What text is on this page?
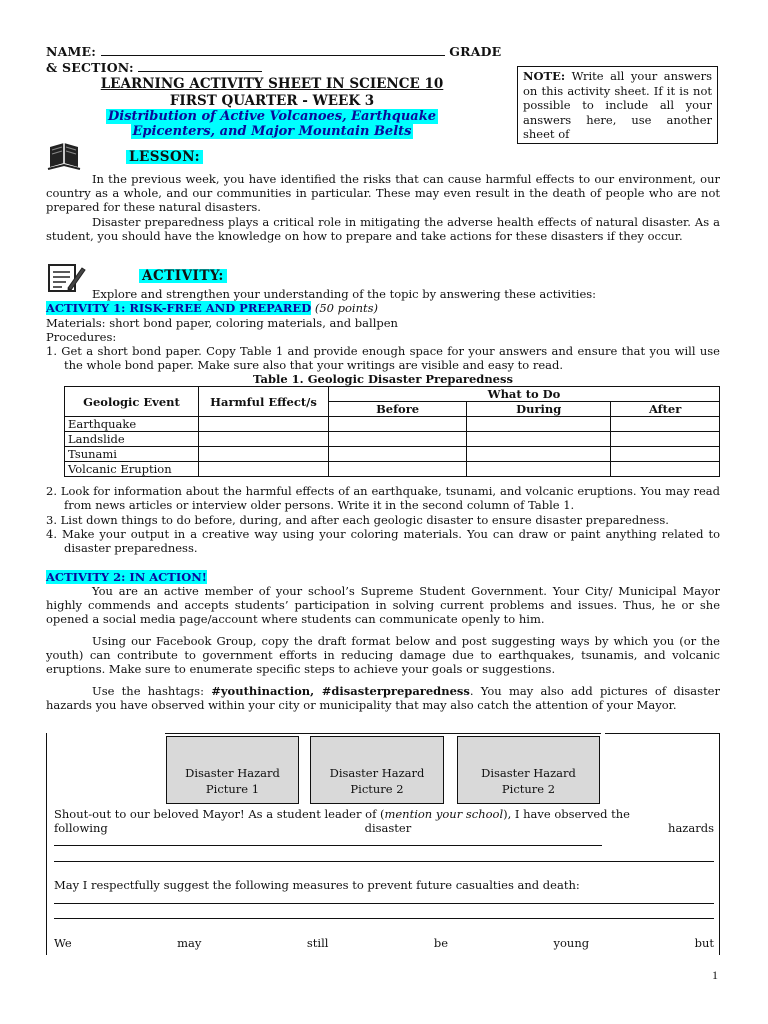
NAME:	GRADE
& SECTION:
LEARNING ACTIVITY SHEET IN SCIENCE 10
FIRST QUARTER - WEEK 3
Distribution of Active Volcanoes, Earthquake
Epicenters, and Major Mountain Belts
NOTE: Write all your answers on this activity sheet. If it is not possible to include all your answers here, use another sheet of
LESSON:
In the previous week, you have identified the risks that can cause harmful effects to our environment, our country as a whole, and our communities in particular. These may even result in the death of people who are not prepared for these natural disasters.
Disaster preparedness plays a critical role in mitigating the adverse health effects of natural disaster. As a student, you should have the knowledge on how to prepare and take actions for these disasters if they occur.
ACTIVITY:
Explore and strengthen your understanding of the topic by answering these activities:
ACTIVITY 1: RISK-FREE AND PREPARED (50 points)
Materials: short bond paper, coloring materials, and ballpen
Procedures:
1. Get a short bond paper. Copy Table 1 and provide enough space for your answers and ensure that you will use the whole bond paper. Make sure also that your writings are visible and easy to read.
Table 1. Geologic Disaster Preparedness
Geologic Event	Harmful Effect/s	What to Do		
		Before	During	After
Earthquake				
Landslide				
Tsunami				
Volcanic Eruption				
2. Look for information about the harmful effects of an earthquake, tsunami, and volcanic eruptions. You may read from news articles or interview older persons. Write it in the second column of Table 1.
3. List down things to do before, during, and after each geologic disaster to ensure disaster preparedness.
4. Make your output in a creative way using your coloring materials. You can draw or paint anything related to disaster preparedness.
ACTIVITY 2: IN ACTION!
You are an active member of your school’s Supreme Student Government. Your City/ Municipal Mayor highly commends and accepts students’ participation in solving current problems and issues. Thus, he or she opened a social media page/account where students can communicate openly to him.
Using our Facebook Group, copy the draft format below and post suggesting ways by which you (or the youth) can contribute to government efforts in reducing damage due to earthquakes, tsunamis, and volcanic eruptions. Make sure to enumerate specific steps to achieve your goals or suggestions.
Use the hashtags: #youthinaction, #disasterpreparedness. You may also add pictures of disaster hazards you have observed within your city or municipality that may also catch the attention of your Mayor.
Disaster Hazard
Picture 1
Disaster Hazard
Picture 2
Disaster Hazard
Picture 2
Shout-out to our beloved Mayor! As a student leader of (mention your school), I have observed the
following	disaster	hazards
May I respectfully suggest the following measures to prevent future casualties and death:
We	may	still	be	young	but
1
